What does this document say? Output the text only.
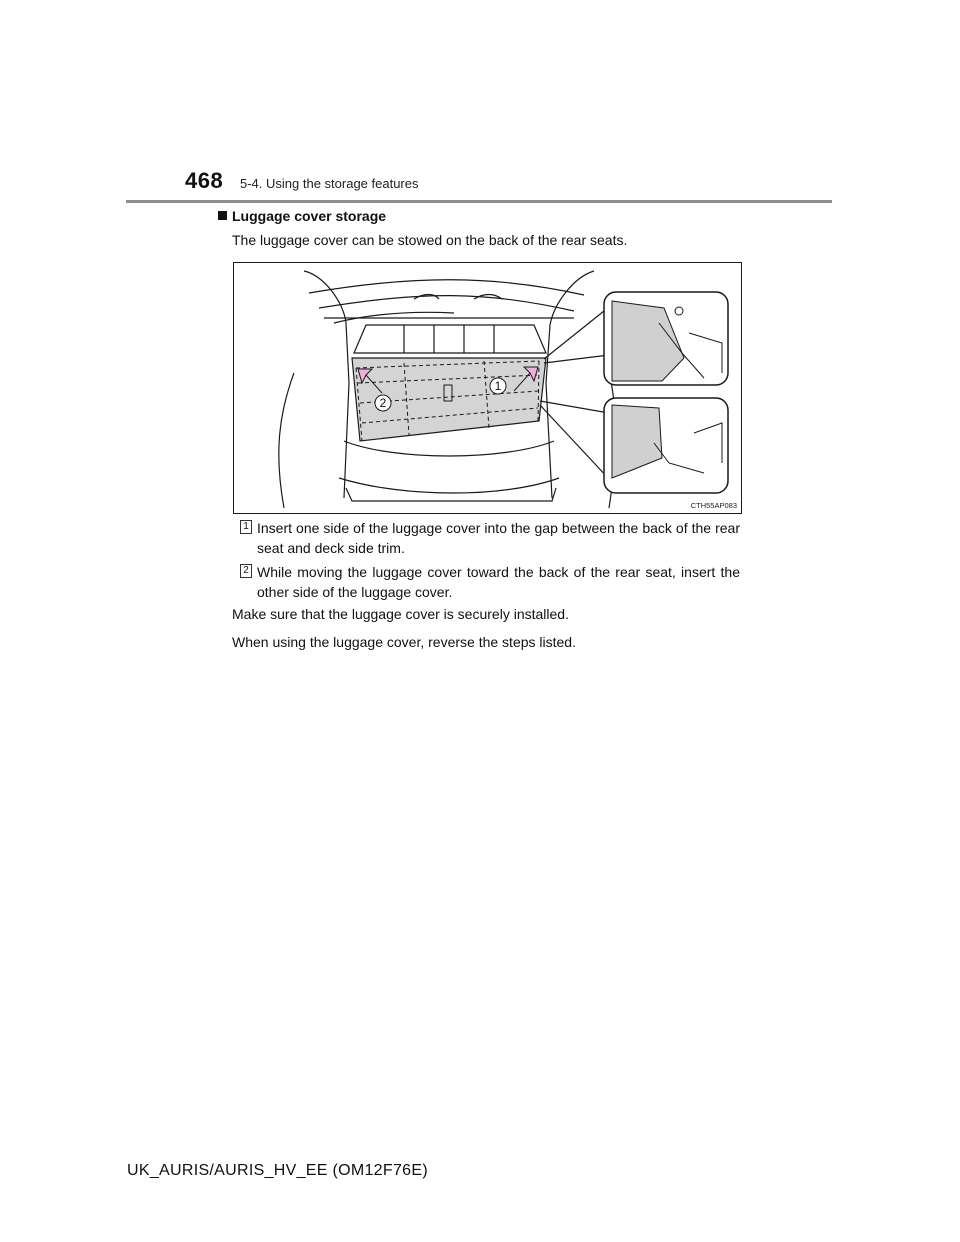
468 5-4. Using the storage features
Luggage cover storage
The luggage cover can be stowed on the back of the rear seats.
1
2
CTH55AP083
1 Insert one side of the luggage cover into the gap between the back of the rear seat and deck side trim.
2 While moving the luggage cover toward the back of the rear seat, insert the other side of the luggage cover.
Make sure that the luggage cover is securely installed.
When using the luggage cover, reverse the steps listed.
UK_AURIS/AURIS_HV_EE (OM12F76E)
